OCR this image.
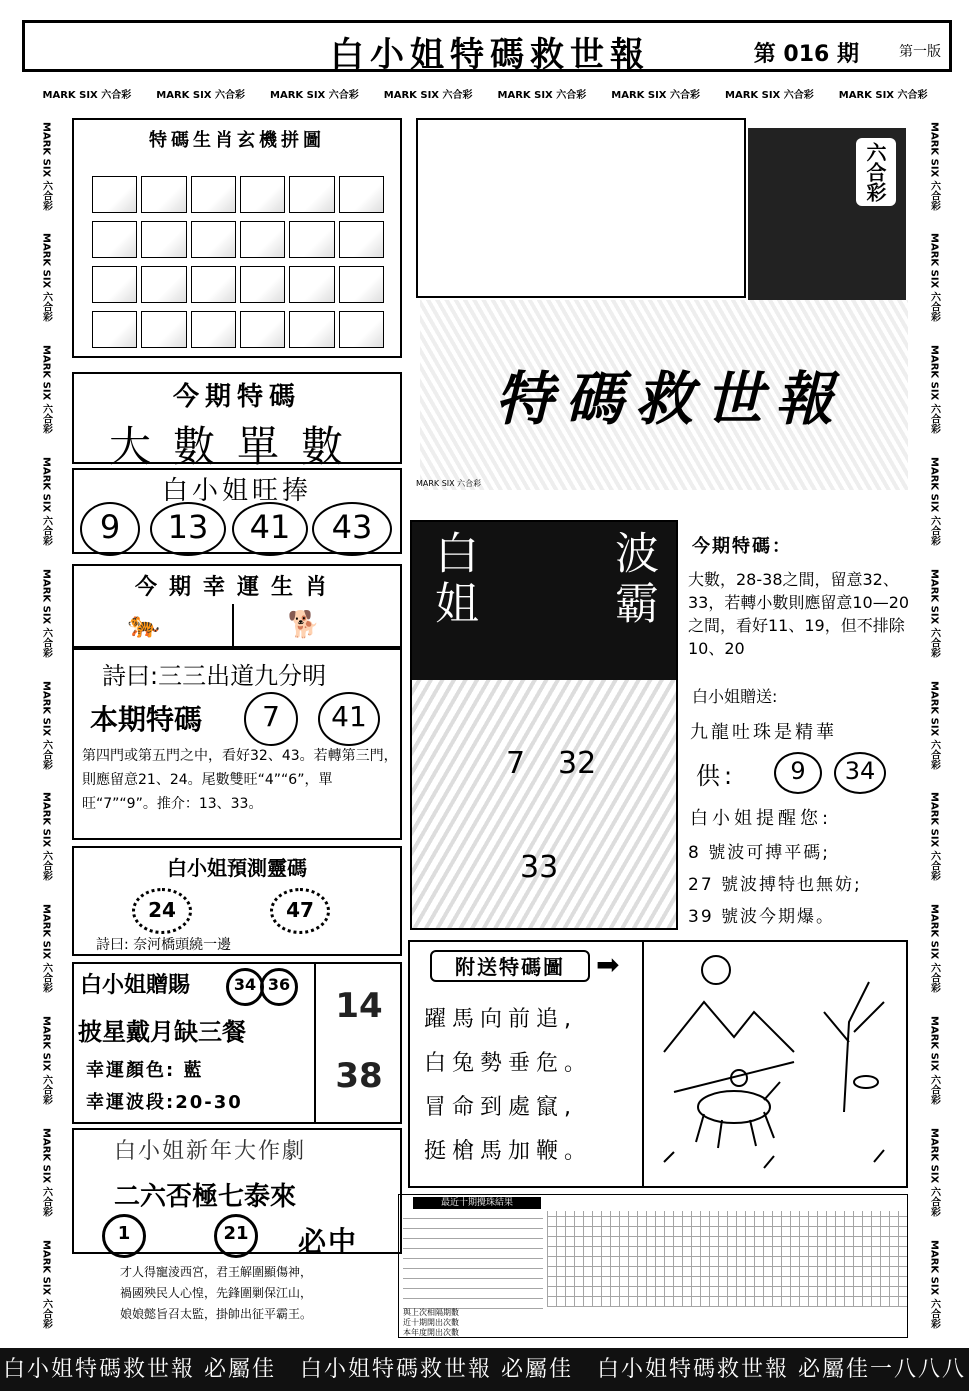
白小姐特碼救世報	第 016 期	第一版
MARK SIX 六合彩	MARK SIX 六合彩	MARK SIX 六合彩	MARK SIX 六合彩	MARK SIX 六合彩	MARK SIX 六合彩	MARK SIX 六合彩	MARK SIX 六合彩
MARK SIX 六合彩
MARK SIX 六合彩
MARK SIX 六合彩
MARK SIX 六合彩
MARK SIX 六合彩
MARK SIX 六合彩
MARK SIX 六合彩
MARK SIX 六合彩
MARK SIX 六合彩
MARK SIX 六合彩
MARK SIX 六合彩
MARK SIX 六合彩
MARK SIX 六合彩
MARK SIX 六合彩
MARK SIX 六合彩
MARK SIX 六合彩
MARK SIX 六合彩
MARK SIX 六合彩
MARK SIX 六合彩
MARK SIX 六合彩
MARK SIX 六合彩
MARK SIX 六合彩
特碼生肖玄機拼圖
六合彩
特碼救世報
MARK SIX 六合彩
今期特碼
大數單數
白小姐旺捧
9	13	41	43
今期幸運生肖
🐅	🐕
詩曰:三三出道九分明
本期特碼	7	41
第四門或第五門之中，看好32、43。若轉第三門，則應留意21、24。尾數雙旺“4”“6”，單旺“7”“9”。推介：13、33。
白小姐預測靈碼
24	47
詩曰: 奈河橋頭繞一邊
白小姐贈賜	34 36
披星戴月缺三餐
幸運顏色: 藍
幸運波段:20-30
14
38
白小姐新年大作劇
二六否極七泰來
1	21	必中
才人得寵淩西宮，君王解圍顯傷神，
禍國殃民人心惶，先鋒圍剿保江山，
娘娘懿旨召太監，掛帥出征平霸王。
白姐	波霸
7 32
33
今期特碼：
大數，28-38之間，留意32、33，若轉小數則應留意10—20之間，看好11、19，但不排除10、20
白小姐贈送:
九龍吐珠是精華
供:	9	34
白小姐提醒您:
8 號波可搏平碼;
27 號波搏特也無妨;
39 號波今期爆。
附送特碼圖	➡
躍馬向前追,
白兔勢垂危。
冒命到處竄,
挺槍馬加鞭。
最近十期攪珠結果
與上次相隔期數
近十期開出次數
本年度開出次數
白小姐特碼救世報 必屬佳　白小姐特碼救世報 必屬佳　白小姐特碼救世報 必屬佳一八八八
